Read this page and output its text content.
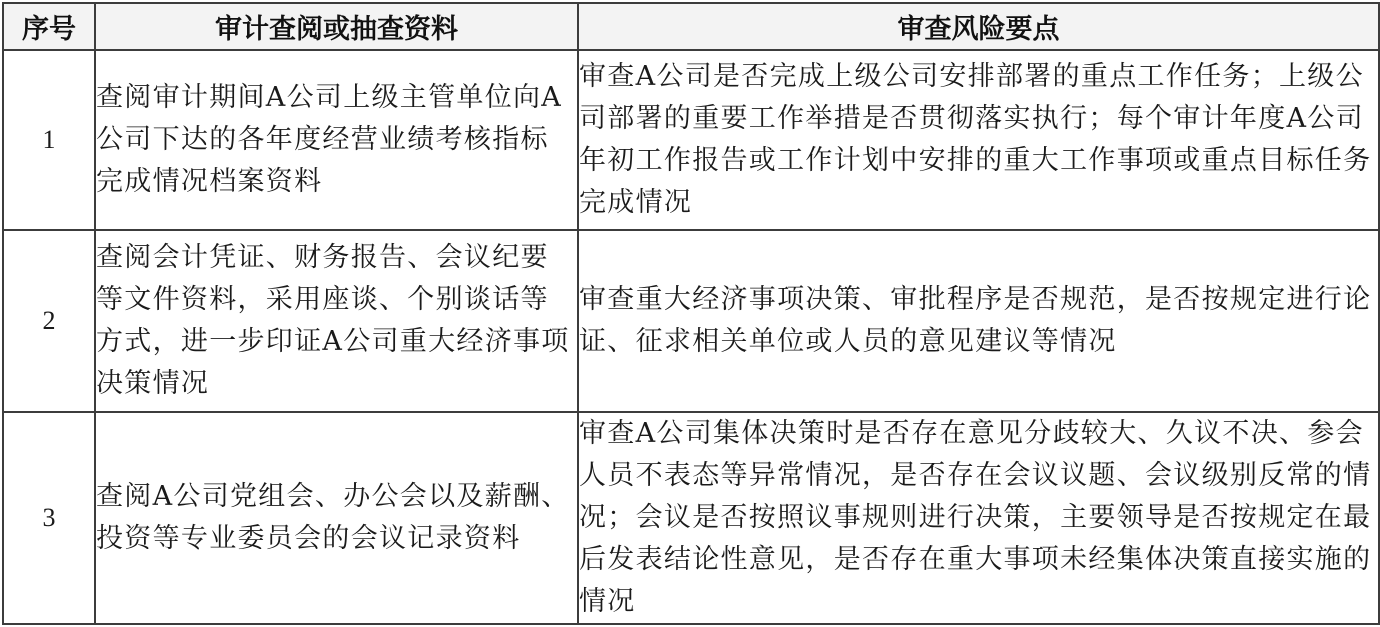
序号	审计查阅或抽查资料	审查风险要点
1	查阅审计期间A公司上级主管单位向A公司下达的各年度经营业绩考核指标完成情况档案资料	审查A公司是否完成上级公司安排部署的重点工作任务；上级公司部署的重要工作举措是否贯彻落实执行；每个审计年度A公司年初工作报告或工作计划中安排的重大工作事项或重点目标任务完成情况
2	查阅会计凭证、财务报告、会议纪要等文件资料，采用座谈、个别谈话等方式，进一步印证A公司重大经济事项决策情况	审查重大经济事项决策、审批程序是否规范，是否按规定进行论证、征求相关单位或人员的意见建议等情况
3	查阅A公司党组会、办公会以及薪酬、投资等专业委员会的会议记录资料	审查A公司集体决策时是否存在意见分歧较大、久议不决、参会人员不表态等异常情况，是否存在会议议题、会议级别反常的情况；会议是否按照议事规则进行决策，主要领导是否按规定在最后发表结论性意见，是否存在重大事项未经集体决策直接实施的情况
